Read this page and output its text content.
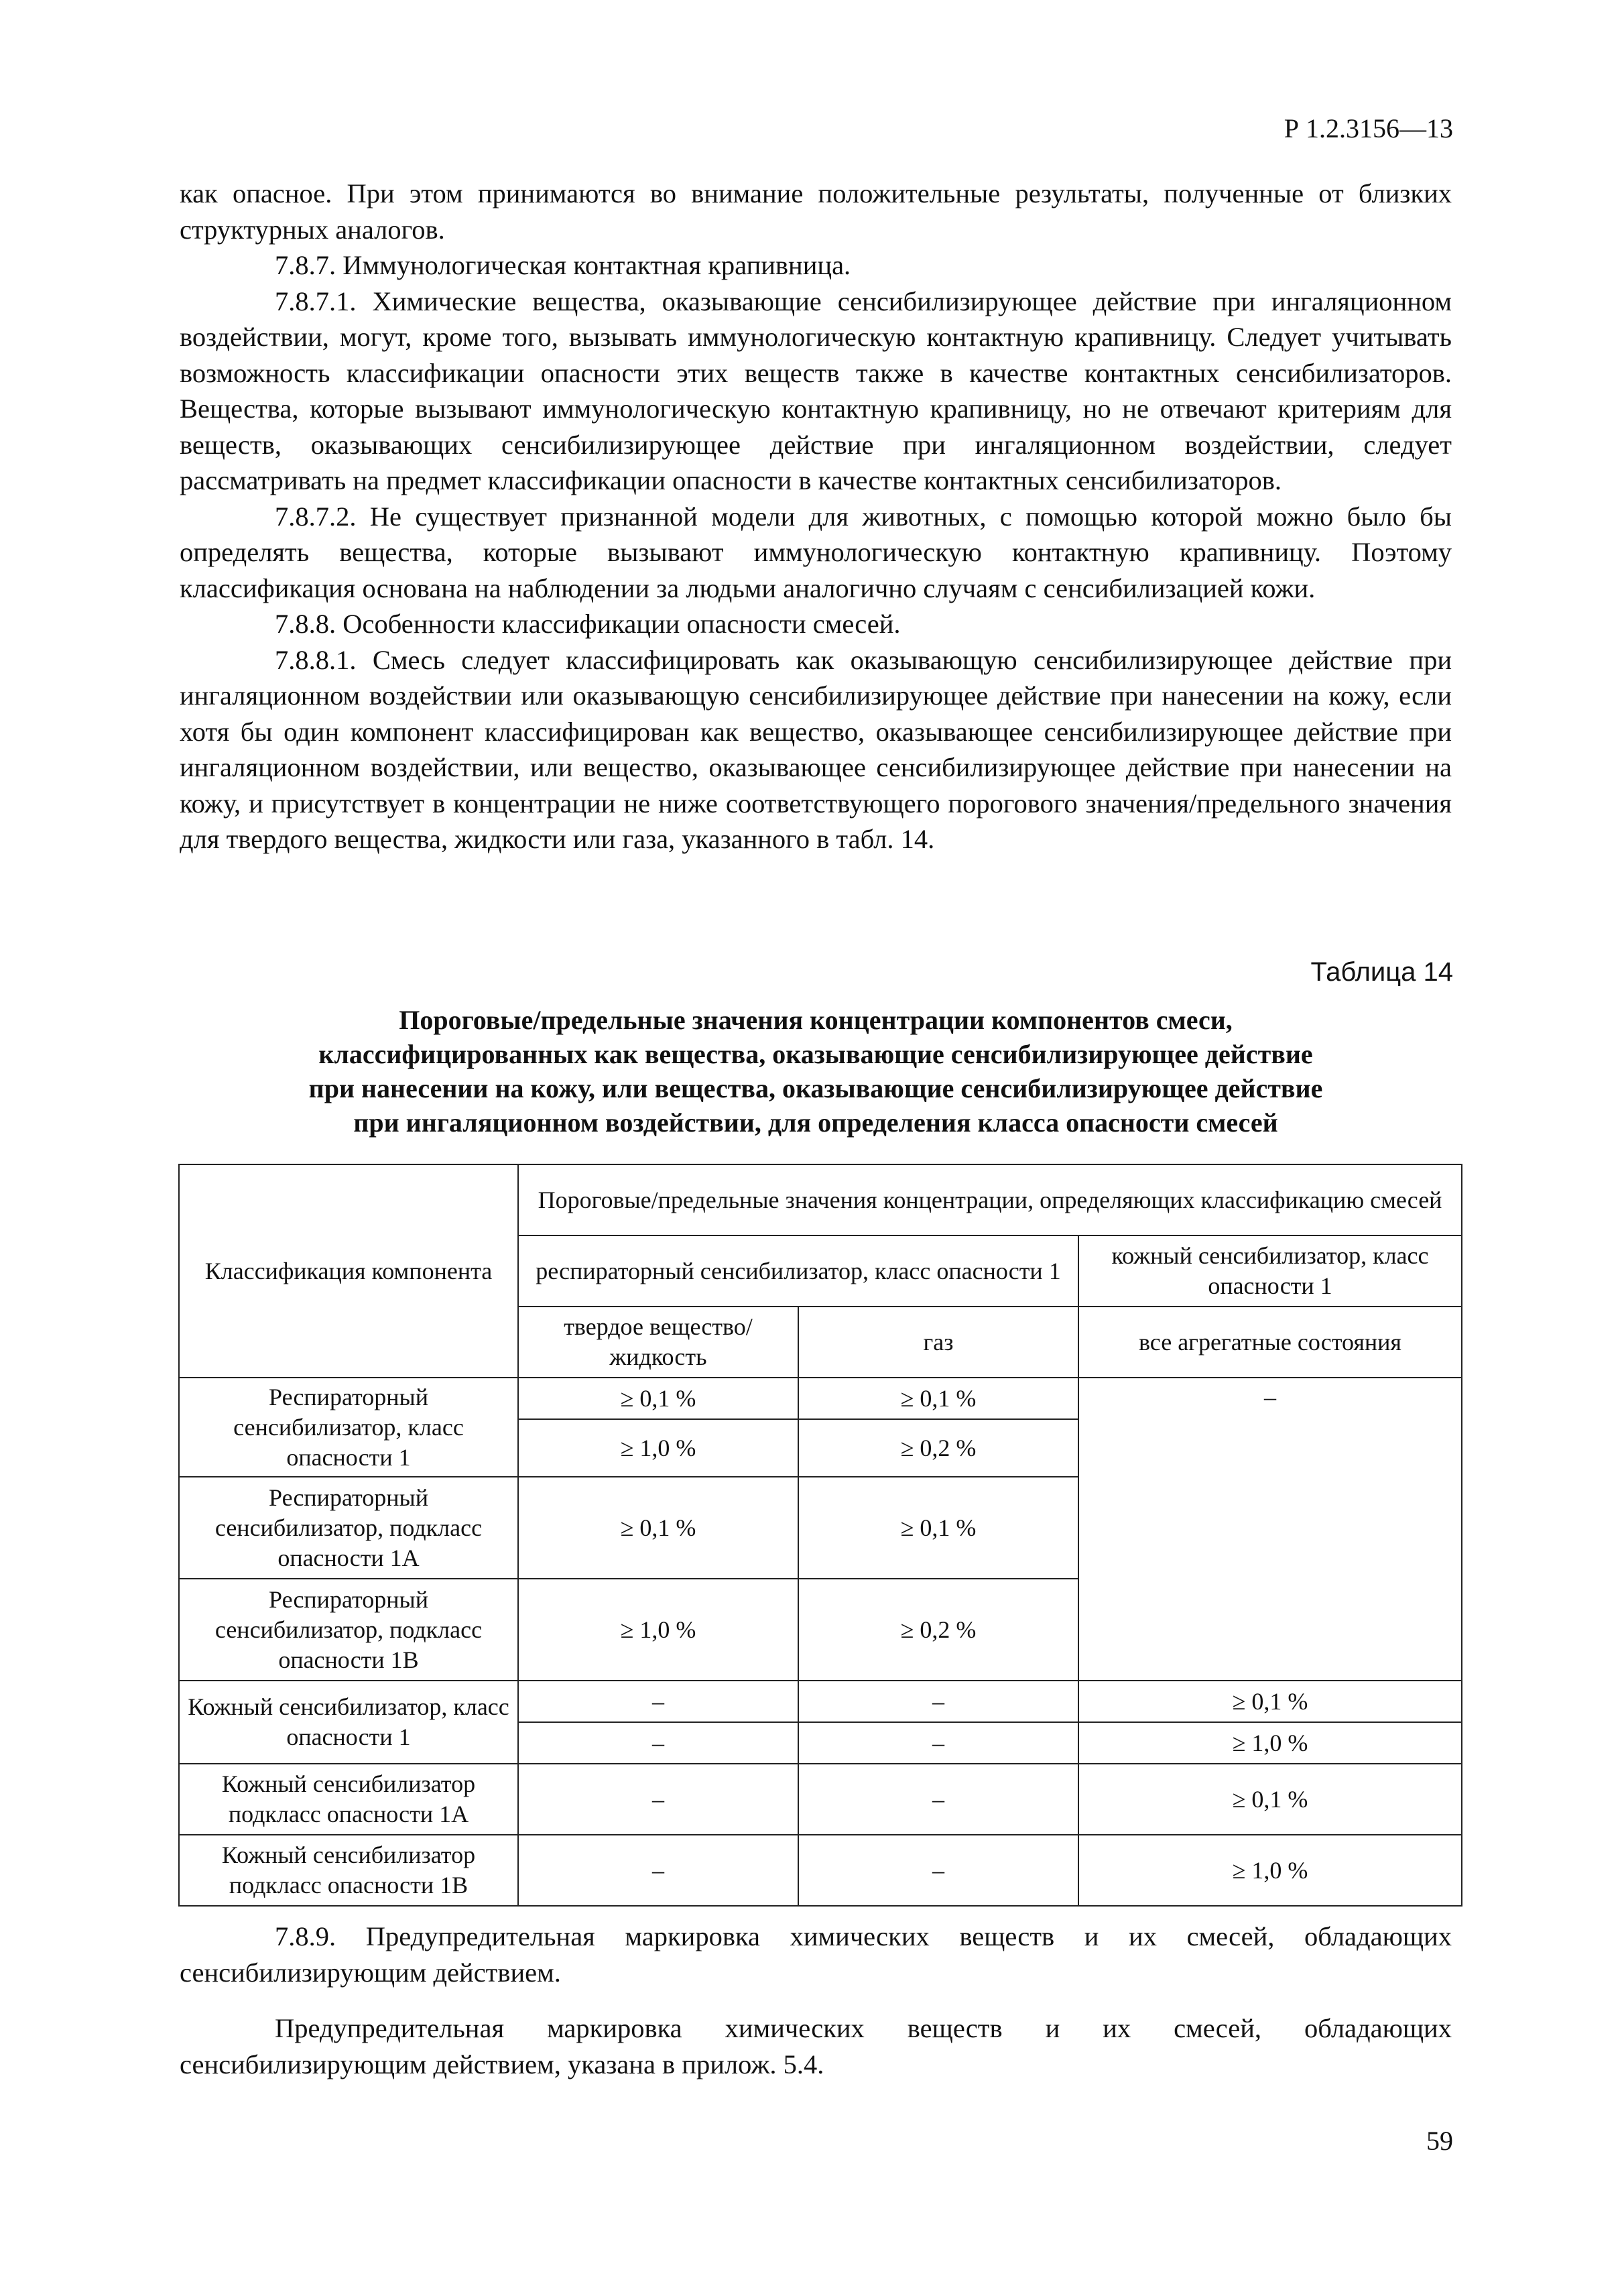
Р 1.2.3156—13

как опасное. При этом принимаются во внимание положительные результаты, полученные от близких структурных аналогов.

7.8.7. Иммунологическая контактная крапивница.

7.8.7.1. Химические вещества, оказывающие сенсибилизирующее действие при ингаляционном воздействии, могут, кроме того, вызывать иммунологическую контактную крапивницу. Следует учитывать возможность классификации опасности этих веществ также в качестве контактных сенсибилизаторов. Вещества, которые вызывают иммунологическую контактную крапивницу, но не отвечают критериям для веществ, оказывающих сенсибилизирующее действие при ингаляционном воздействии, следует рассматривать на предмет классификации опасности в качестве контактных сенсибилизаторов.

7.8.7.2. Не существует признанной модели для животных, с помощью которой можно было бы определять вещества, которые вызывают иммунологическую контактную крапивницу. Поэтому классификация основана на наблюдении за людьми аналогично случаям с сенсибилизацией кожи.

7.8.8. Особенности классификации опасности смесей.

7.8.8.1. Смесь следует классифицировать как оказывающую сенсибилизирующее действие при ингаляционном воздействии или оказывающую сенсибилизирующее действие при нанесении на кожу, если хотя бы один компонент классифицирован как вещество, оказывающее сенсибилизирующее действие при ингаляционном воздействии, или вещество, оказывающее сенсибилизирующее действие при нанесении на кожу, и присутствует в концентрации не ниже соответствующего порогового значения/предельного значения для твердого вещества, жидкости или газа, указанного в табл. 14.

Таблица 14
Пороговые/предельные значения концентрации компонентов смеси,
классифицированных как вещества, оказывающие сенсибилизирующее действие
при нанесении на кожу, или вещества, оказывающие сенсибилизирующее действие
при ингаляционном воздействии, для определения класса опасности смесей
Классификация компонента	Пороговые/предельные значения концентрации, определяющих классификацию смесей		
	респираторный сенсибилизатор, класс опасности 1		кожный сенсибилизатор, класс опасности 1
	твердое вещество/ жидкость	газ	все агрегатные состояния
Респираторный сенсибилизатор, класс опасности 1	≥ 0,1 %	≥ 0,1 %	–
	≥ 1,0 %	≥ 0,2 %	
Респираторный сенсибилизатор, подкласс опасности 1А	≥ 0,1 %	≥ 0,1 %	
Респираторный сенсибилизатор, подкласс опасности 1В	≥ 1,0 %	≥ 0,2 %	
Кожный сенсибилизатор, класс опасности 1	–	–	≥ 0,1 %
	–	–	≥ 1,0 %
Кожный сенсибилизатор подкласс опасности 1А	–	–	≥ 0,1 %
Кожный сенсибилизатор подкласс опасности 1В	–	–	≥ 1,0 %

7.8.9. Предупредительная маркировка химических веществ и их смесей, обладающих сенсибилизирующим действием.

Предупредительная маркировка химических веществ и их смесей, обладающих сенсибилизирующим действием, указана в прилож. 5.4.

59
